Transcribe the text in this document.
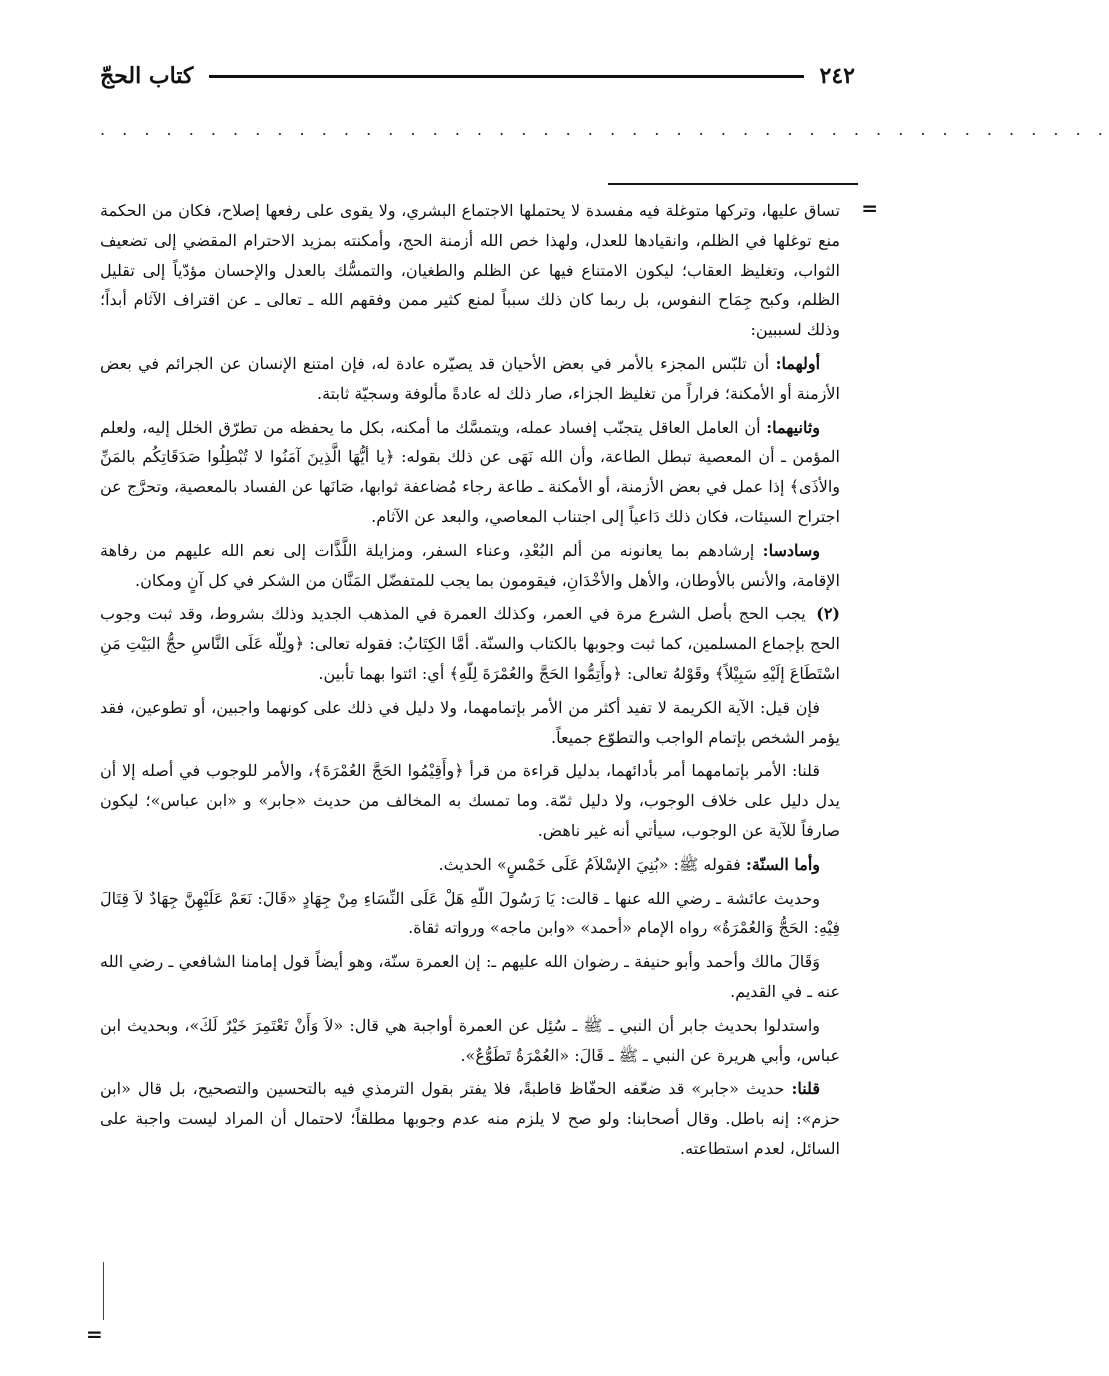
٢٤٢
كتاب الحجّ
. . . . . . . . . . . . . . . . . . . . . . . . . . . . . . . . . . . . . . . . . . . . . .
=
=

تساق عليها، وتركها متوغلة فيه مفسدة لا يحتملها الاجتماع البشري، ولا يقوى على رفعها إصلاح، فكان من الحكمة منع توغلها في الظلم، وانقيادها للعدل، ولهذا خص الله أزمنة الحج، وأمكنته بمزيد الاحترام المقضي إلى تضعيف الثواب، وتغليظ العقاب؛ ليكون الامتناع فيها عن الظلم والطغيان، والتمسُّك بالعدل والإحسان مؤدّياً إلى تقليل الظلم، وكبح جِمَاح النفوس، بل ربما كان ذلك سبباً لمنع كثير ممن وفقهم الله ـ تعالى ـ عن اقتراف الآثام أبداً؛ وذلك لسببين:

أولهما: أن تلبّس المجزء بالأمر في بعض الأحيان قد يصيّره عادة له، فإن امتنع الإنسان عن الجرائم في بعض الأزمنة أو الأمكنة؛ فراراً من تغليظ الجزاء، صار ذلك له عادةً مألوفة وسجيّة ثابتة.

وثانيهما: أن العامل العاقل يتجنّب إفساد عمله، ويتمسَّك ما أمكنه، بكل ما يحفظه من تطرّق الخلل إليه، ولعلم المؤمن ـ أن المعصية تبطل الطاعة، وأن الله نَهَى عن ذلك بقوله: ﴿يا أيُّهَا الَّذِينَ آمَنُوا لا تُبْطِلُوا صَدَقَاتِكُم بالمَنِّ والأذَى﴾ إذا عمل في بعض الأزمنة، أو الأمكنة ـ طاعة رجاء مُضاعفة ثوابها، صَانَها عن الفساد بالمعصية، وتحرَّج عن اجتراح السيئات، فكان ذلك دَاعياً إلى اجتناب المعاصي، والبعد عن الآثام.

وسادسا: إرشادهم بما يعانونه من ألم البُعْدِ، وعناء السفر، ومزايلة اللَّذَّات إلى نعم الله عليهم من رفاهة الإقامة، والأنس بالأوطان، والأهل والأخْدَانِ، فيقومون بما يجب للمتفضّل المَنَّان من الشكر في كل آنٍ ومكان.

(٢) يجب الحج بأصل الشرع مرة في العمر، وكذلك العمرة في المذهب الجديد وذلك بشروط، وقد ثبت وجوب الحج بإجماع المسلمين، كما ثبت وجوبها بالكتاب والسنّة. أمَّا الكِتَابُ: فقوله تعالى: ﴿ولِلّه عَلَى النَّاسِ حجُّ البَيْتِ مَنِ اسْتَطَاعَ إلَيْهِ سَبِيْلاً﴾ وقَوْلهُ تعالى: ﴿وأَتِمُّوا الحَجَّ والعُمْرَةَ لِلّهِ﴾ أي: ائتوا بهما تأبين.

فإن قيل: الآية الكريمة لا تفيد أكثر من الأمر بإتمامهما، ولا دليل في ذلك على كونهما واجبين، أو تطوعين، فقد يؤمر الشخص بإتمام الواجب والتطوّع جميعاً.

قلنا: الأمر بإتمامهما أمر بأدائهما، بدليل قراءة من قرأ ﴿وأَقِيْمُوا الحَجَّ العُمْرَةَ﴾، والأمر للوجوب في أصله إلا أن يدل دليل على خلاف الوجوب، ولا دليل ثمّة. وما تمسك به المخالف من حديث «جابر» و «ابن عباس»؛ ليكون صارفاً للآية عن الوجوب، سيأتي أنه غير ناهض.

وأما السنّة: فقوله ﷺ: «بُنِيَ الإسْلاَمُ عَلَى خَمْسٍ» الحديث.

وحديث عائشة ـ رضي الله عنها ـ قالت: يَا رَسُولَ اللّهِ هَلْ عَلَى النِّسَاءِ مِنْ جِهَادٍ «قَالَ: نَعَمْ عَلَيْهِنَّ جِهَادٌ لاَ قِتَالَ فِيْهِ: الحَجُّ وَالعُمْرَةُ» رواه الإمام «أحمد» «وابن ماجه» ورواته ثقاة.

وَقَالَ مالك وأحمد وأبو حنيفة ـ رضوان الله عليهم ـ: إن العمرة سنّة، وهو أيضاً قول إمامنا الشافعي ـ رضي الله عنه ـ في القديم.

واستدلوا بحديث جابر أن النبي ـ ﷺ ـ سُئِل عن العمرة أواجبة هي قال: «لاَ وَأَنْ تَعْتَمِرَ خَيْرٌ لَكَ»، وبحديث ابن عباس، وأبي هريرة عن النبي ـ ﷺ ـ قَالَ: «العُمْرَةُ تَطَوُّعٌ».

قلنا: حديث «جابر» قد ضعّفه الحفّاظ قاطبةً، فلا يفتر بقول الترمذي فيه بالتحسين والتصحيح، بل قال «ابن حزم»: إنه باطل. وقال أصحابنا: ولو صح لا يلزم منه عدم وجوبها مطلقاً؛ لاحتمال أن المراد ليست واجبة على السائل، لعدم استطاعته.
